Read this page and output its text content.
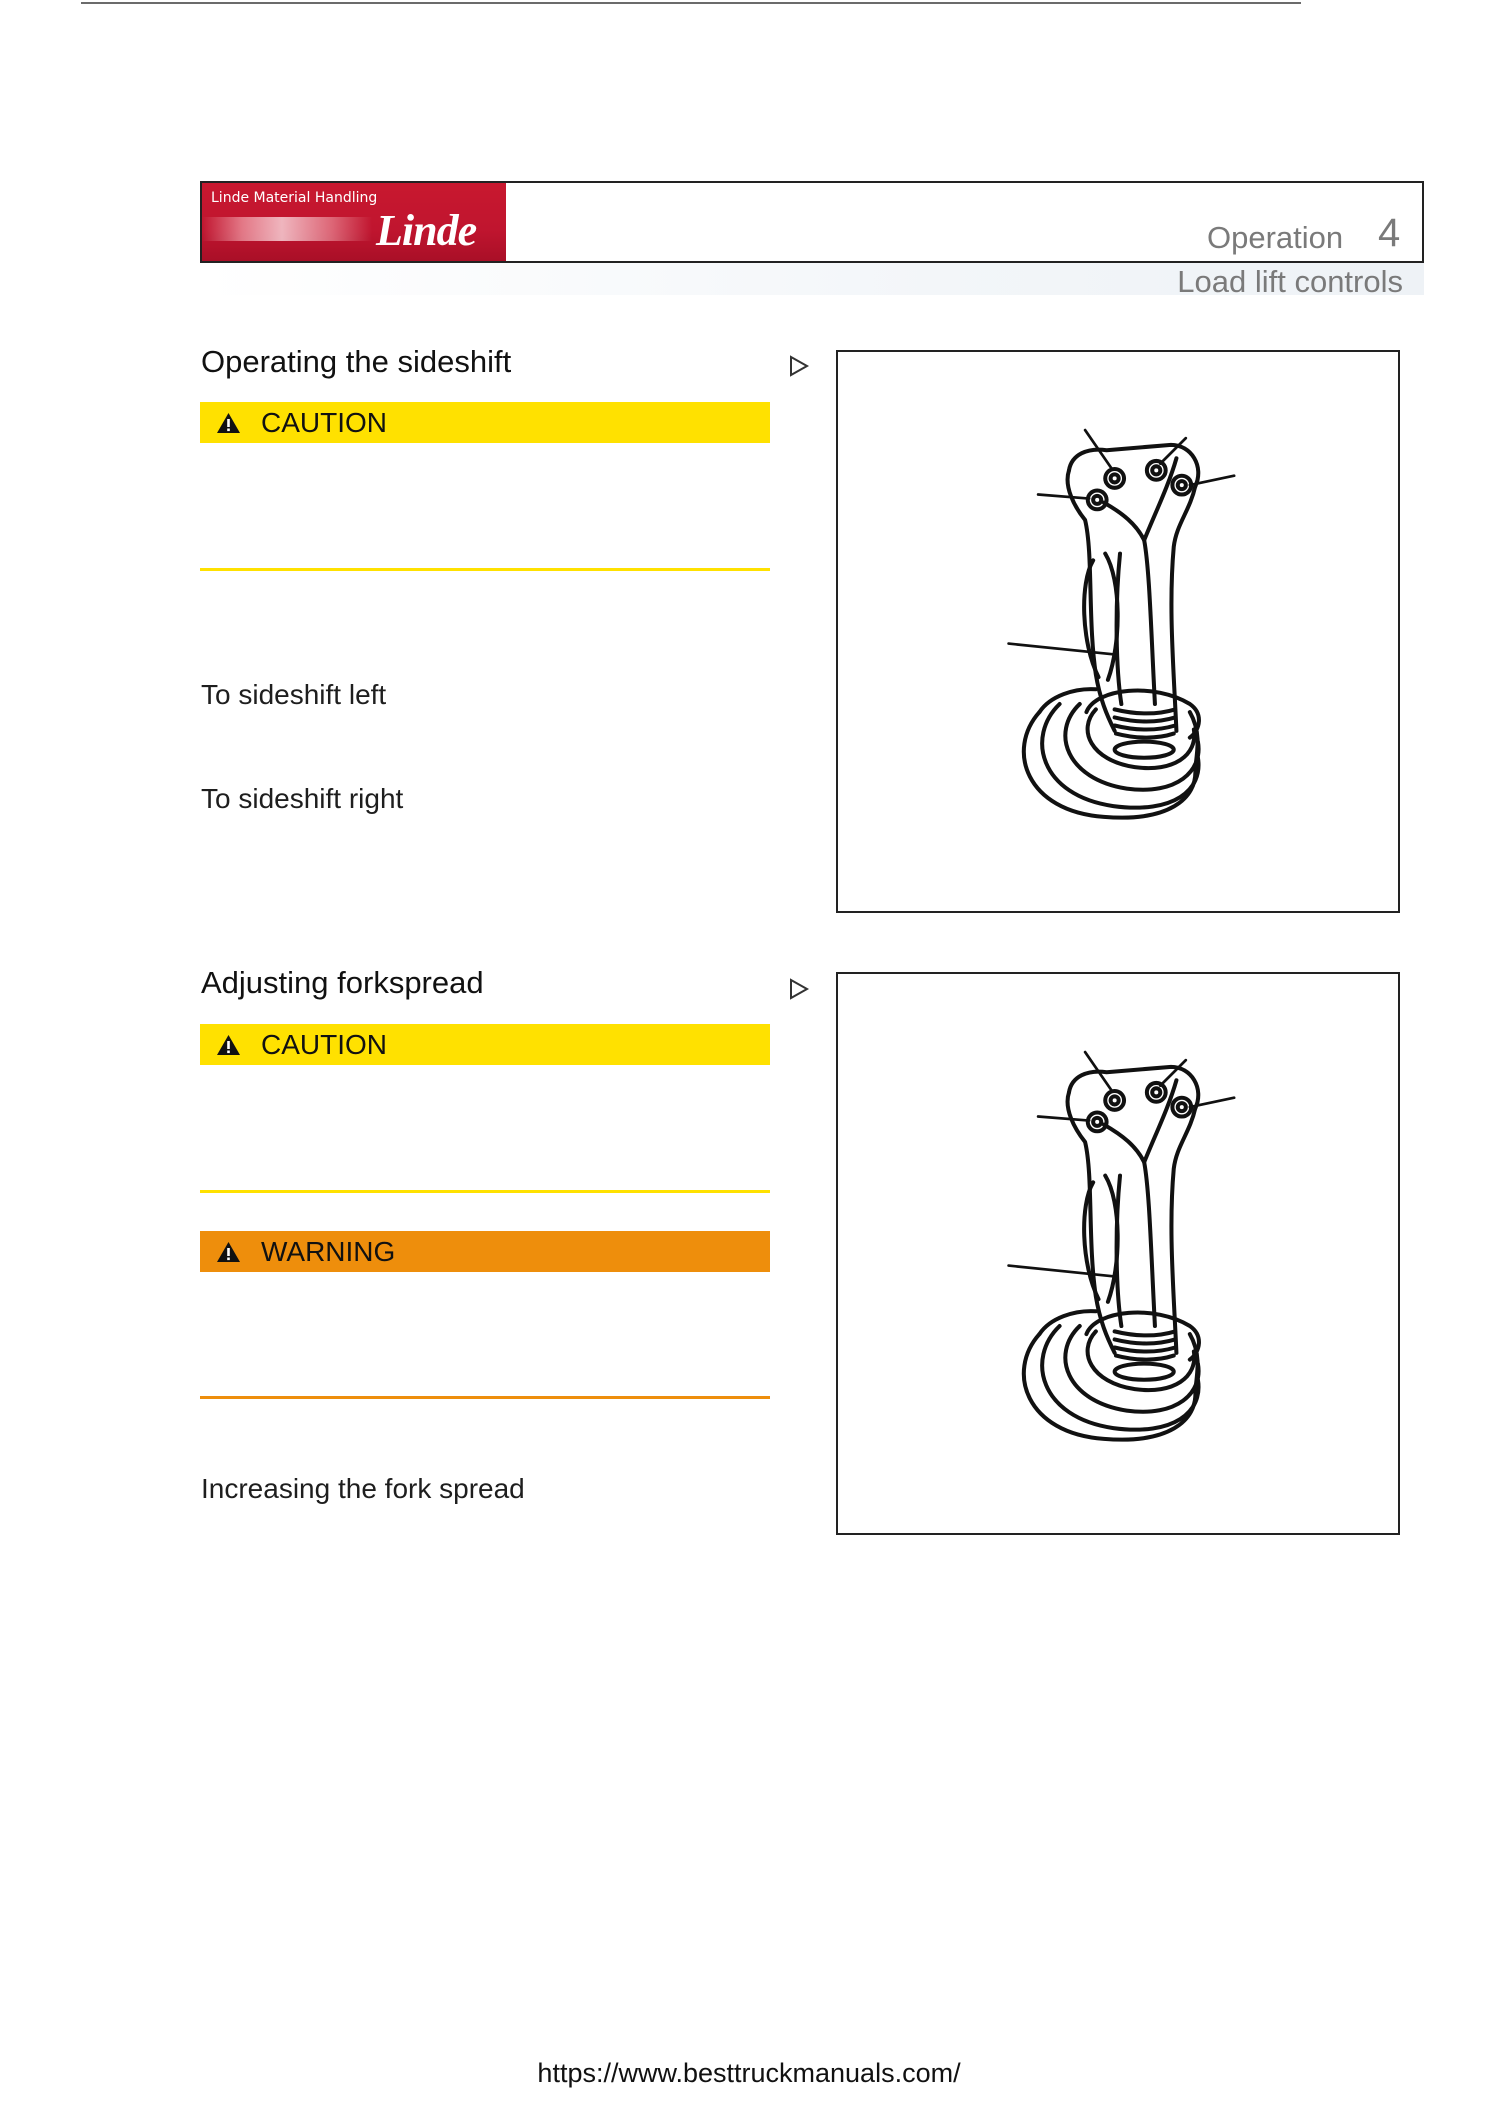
Linde Material Handling
Linde	Operation 4
Load lift controls
Operating the sideshift
CAUTION
To sideshift left
To sideshift right
Adjusting forkspread
CAUTION
WARNING
Increasing the fork spread
https://www.besttruckmanuals.com/
